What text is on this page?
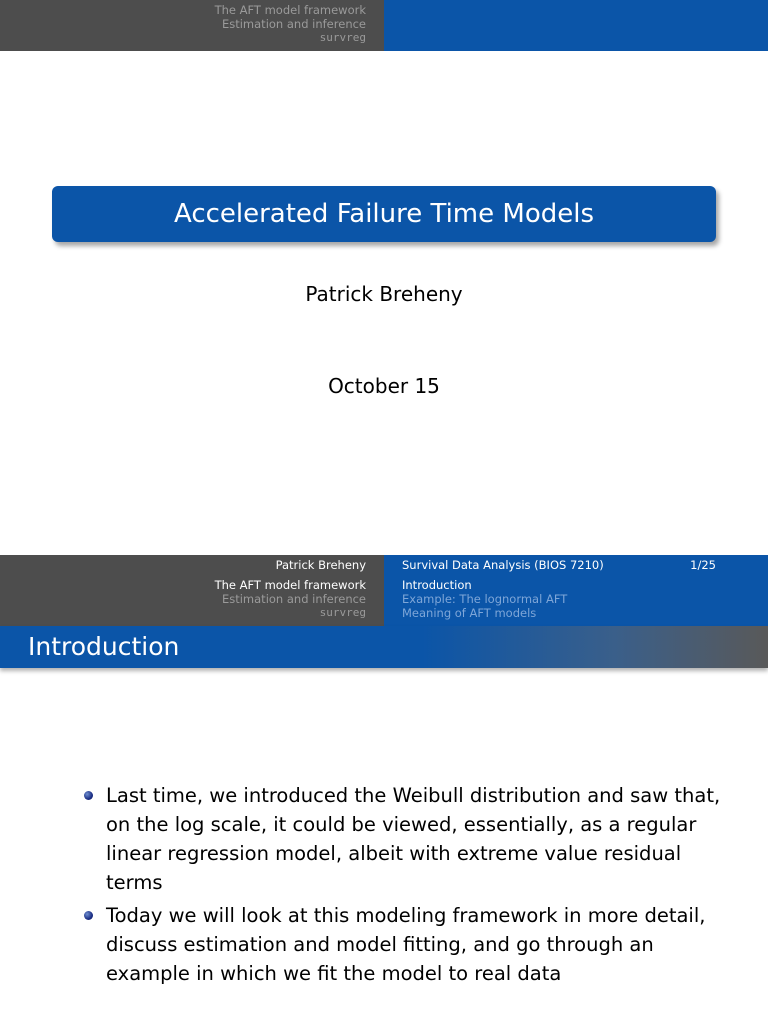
The AFT model framework
Estimation and inference
survreg
Accelerated Failure Time Models
Patrick Breheny
October 15
Patrick Breheny	Survival Data Analysis (BIOS 7210)	1/25
The AFT model framework
Estimation and inference
survreg
Introduction
Example: The lognormal AFT
Meaning of AFT models
Introduction
Last time, we introduced the Weibull distribution and saw that, on the log scale, it could be viewed, essentially, as a regular linear regression model, albeit with extreme value residual terms
Today we will look at this modeling framework in more detail, discuss estimation and model fitting, and go through an example in which we fit the model to real data
